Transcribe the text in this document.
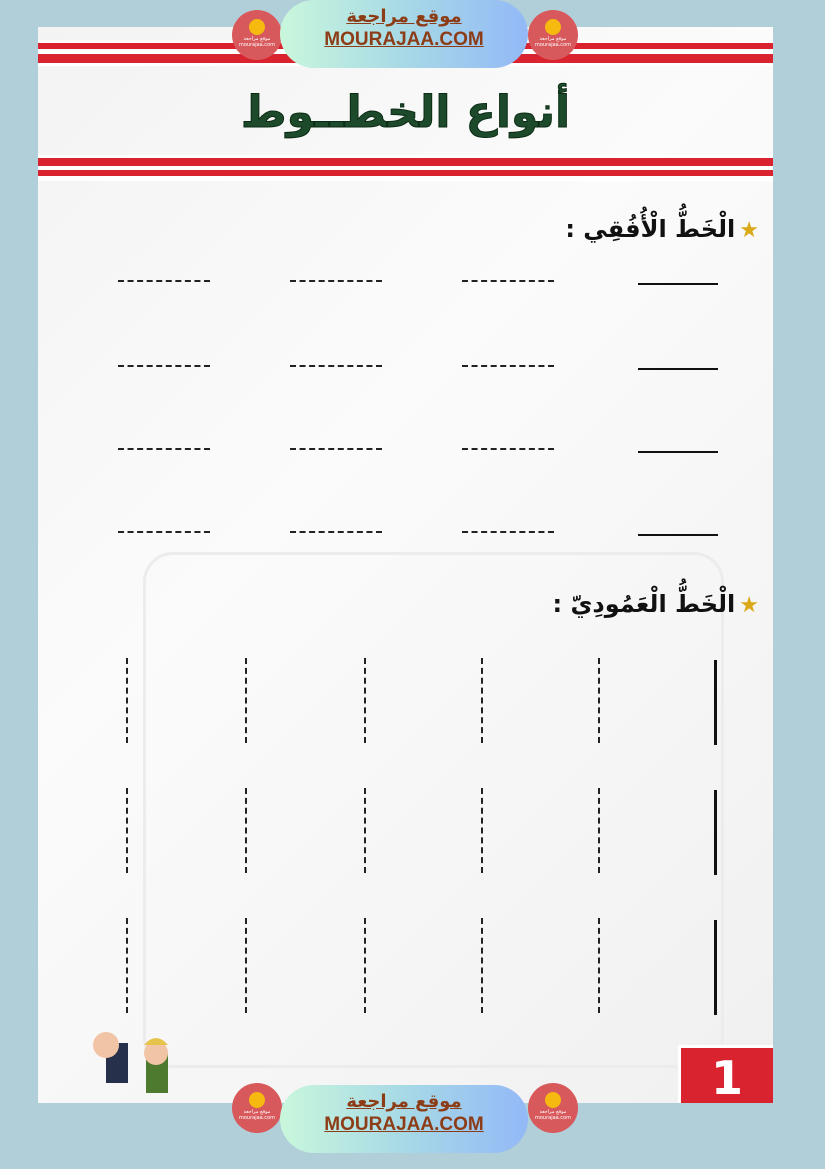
أنواع الخطــوط
★الْخَطُّ الْأُفُقِي :
★الْخَطُّ الْعَمُودِيّ :
1
موقع مراجعة
mourajaa.com
موقع مراجعة
MOURAJAA.COM	موقع مراجعة
mourajaa.com
موقع مراجعة
mourajaa.com
موقع مراجعة
MOURAJAA.COM
موقع مراجعة
mourajaa.com
